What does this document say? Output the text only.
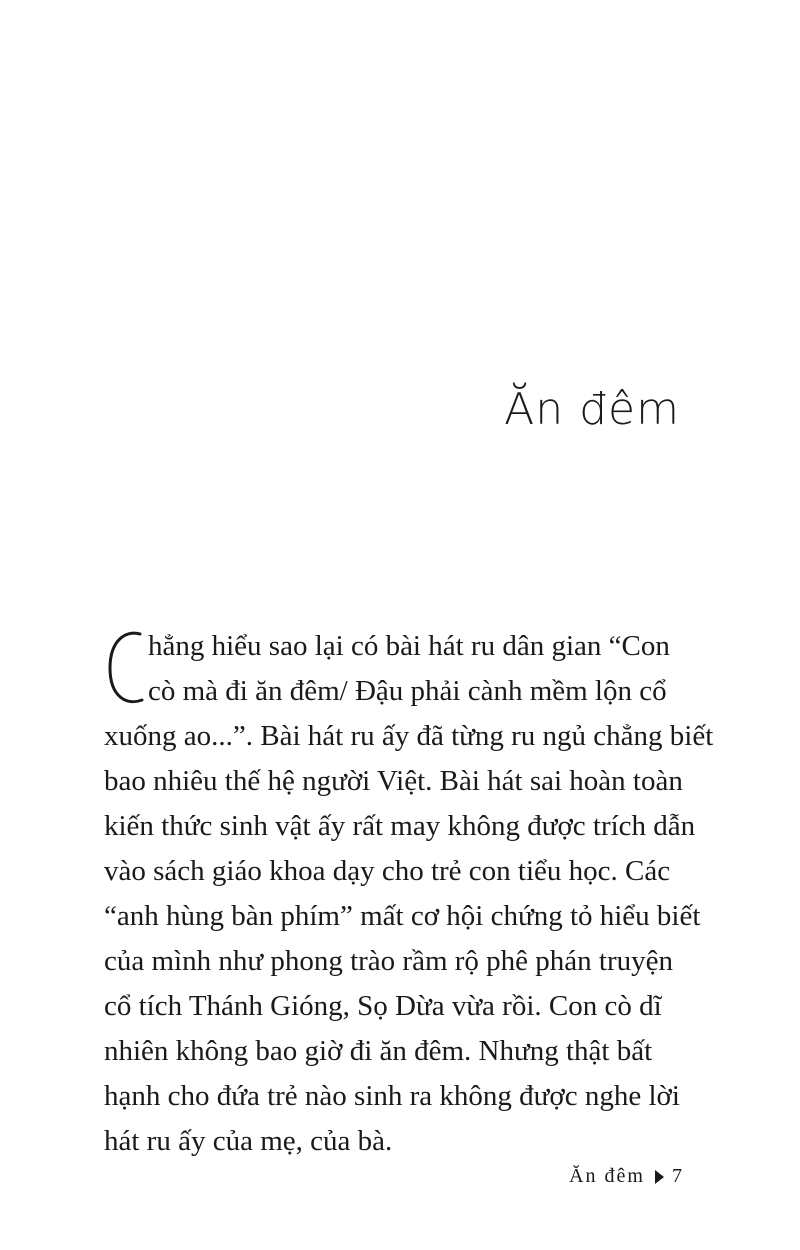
Ăn đêm
hẳng hiểu sao lại có bài hát ru dân gian “Con
cò mà đi ăn đêm/ Đậu phải cành mềm lộn cổ
xuống ao...”. Bài hát ru ấy đã từng ru ngủ chẳng biết
bao nhiêu thế hệ người Việt. Bài hát sai hoàn toàn
kiến thức sinh vật ấy rất may không được trích dẫn
vào sách giáo khoa dạy cho trẻ con tiểu học. Các
“anh hùng bàn phím” mất cơ hội chứng tỏ hiểu biết
của mình như phong trào rầm rộ phê phán truyện
cổ tích Thánh Gióng, Sọ Dừa vừa rồi. Con cò dĩ
nhiên không bao giờ đi ăn đêm. Nhưng thật bất
hạnh cho đứa trẻ nào sinh ra không được nghe lời
hát ru ấy của mẹ, của bà.
Ăn đêm 7
